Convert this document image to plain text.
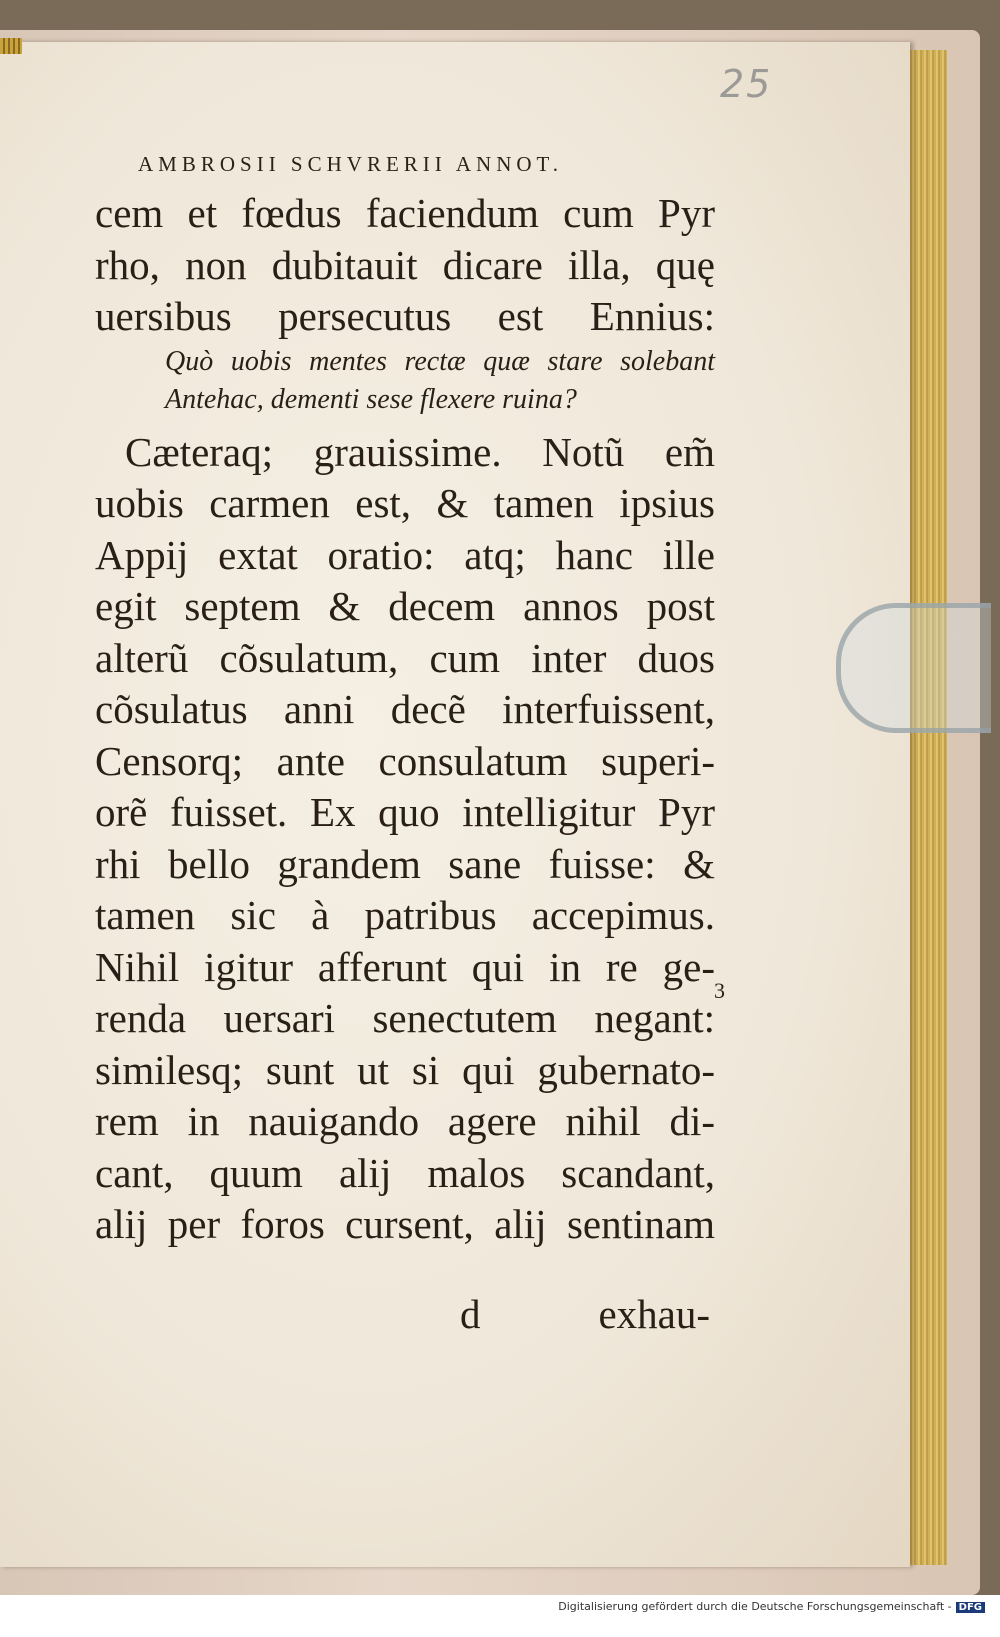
25
AMBROSII SCHVRERII ANNOT.
cem et fœdus faciendum cum Pyr
rho, non dubitauit dicare illa, quę
uersibus persecutus est Ennius:
Quò uobis mentes rectæ quæ stare solebant
Antehac, dementi sese flexere ruina?
Cæteraq; grauissime. Notũ em̃
uobis carmen est, & tamen ipsius
Appij extat oratio: atq; hanc ille
egit septem & decem annos post
alterũ cõsulatum, cum inter duos
cõsulatus anni decẽ interfuissent,
Censorq; ante consulatum superi-
orẽ fuisset. Ex quo intelligitur Pyr
rhi bello grandem sane fuisse: &
tamen sic à patribus accepimus.
Nihil igitur afferunt qui in re ge-
renda uersari senectutem negant:
similesq; sunt ut si qui gubernato-
rem in nauigando agere nihil di-
cant, quum alij malos scandant,
alij per foros cursent, alij sentinam
3
d	exhau-
Digitalisierung gefördert durch die Deutsche Forschungsgemeinschaft - DFG
